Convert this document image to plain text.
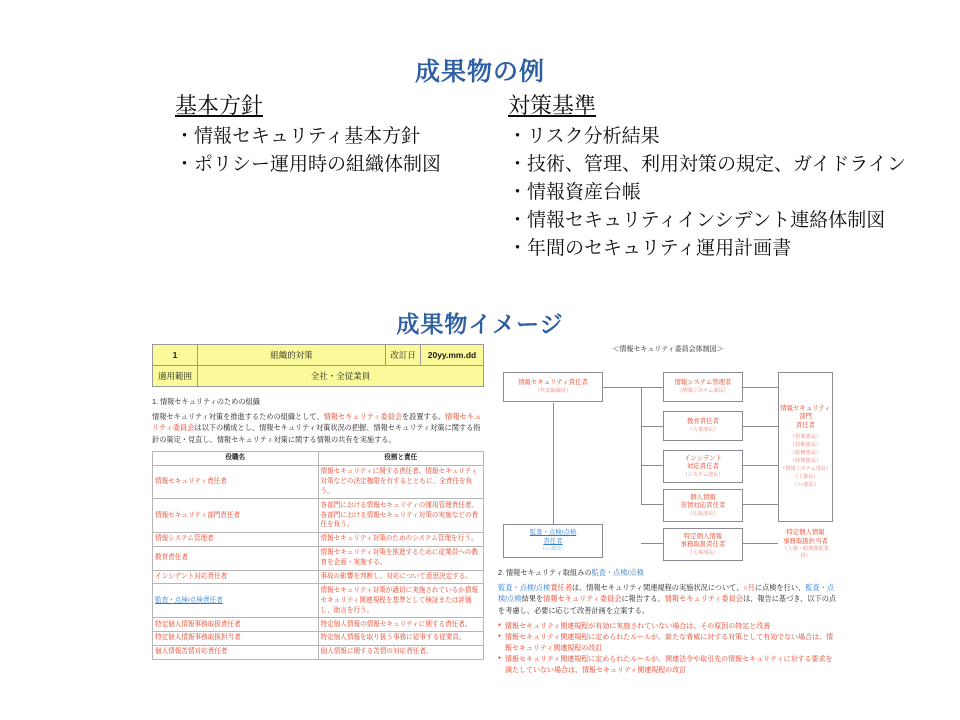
成果物の例
基本方針
・情報セキュリティ基本方針
・ポリシー運用時の組織体制図
対策基準
・リスク分析結果
・技術、管理、利用対策の規定、ガイドライン
・情報資産台帳
・情報セキュリティインシデント連絡体制図
・年間のセキュリティ運用計画書
成果物イメージ
1	組織的対策	改訂日	20yy.mm.dd
適用範囲	全社・全従業員		
1. 情報セキュリティのための組織
情報セキュリティ対策を推進するための組織として、情報セキュリティ委員会を設置する。情報セキュリティ委員会は以下の構成とし、情報セキュリティ対策状況の把握、情報セキュリティ対策に関する指針の策定・見直し、情報セキュリティ対策に関する情報の共有を実施する。
役職名	役割と責任
情報セキュリティ責任者	情報セキュリティに関する責任者。情報セキュリティ対策などの決定権限を有するとともに、全責任を負う。
情報セキュリティ部門責任者	各部門における情報セキュリティの運用管理責任者。各部門における情報セキュリティ対策の実施などの責任を負う。
情報システム管理者	情報セキュリティ対策のためのシステム管理を行う。
教育責任者	情報セキュリティ対策を推進するために従業員への教育を企画・実施する。
インシデント対応責任者	事故の影響を判断し、対応について意思決定する。
監査・点検/点検責任者	情報セキュリティ対策が適切に実施されているか情報セキュリティ関連規程を基準として検証または評価し、助言を行う。
特定個人情報事務取扱責任者	特定個人情報の情報セキュリティに関する責任者。
特定個人情報事務取扱担当者	特定個人情報を取り扱う事務に従事する従業員。
個人情報苦情対応責任者	個人情報に関する苦情の対応責任者。
＜情報セキュリティ委員会体制図＞
情報セキュリティ責任者
（代表取締役）
情報システム管理者
（情報システム部長）
教育責任者
（人事部長）
インシデント
対応責任者
（システム部長）
個人情報
苦情対応責任者
（広報部長）
特定個人情報
事務取扱責任者
（人事部長）
情報セキュリティ部門
責任者
（営業部長）
（技術部長）
（総務部長）
（経理部長）
（情報システム部長）
（工事長）
（○○部長）
監査・点検/点検
責任者
（○○課長）
特定個人情報
事務取扱担当者
（人事・経理部従業員）
2. 情報セキュリティ取組みの監査・点検/点検
監査・点検/点検責任者は、情報セキュリティ関連規程の実施状況について、○月に点検を行い、監査・点検/点検結果を情報セキュリティ委員会に報告する。情報セキュリティ委員会は、報告に基づき、以下の点を考慮し、必要に応じて改善計画を立案する。
● 情報セキュリティ関連規程が有効に実施されていない場合は、その原因の特定と改善
● 情報セキュリティ関連規程に定められたルールが、新たな脅威に対する対策として有効でない場合は、情報セキュリティ関連規程の改訂
● 情報セキュリティ関連規程に定められたルールが、関連法令や取引先の情報セキュリティに対する要求を満たしていない場合は、情報セキュリティ関連規程の改訂
